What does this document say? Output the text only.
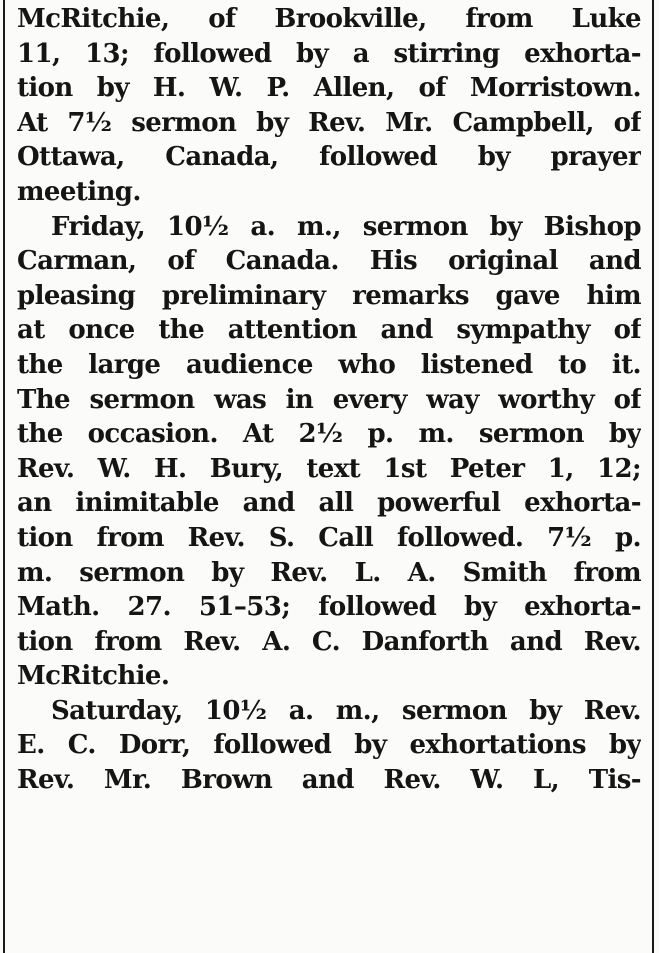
McRitchie, of Brookville, from Luke
11, 13; followed by a stirring exhorta-
tion by H. W. P. Allen, of Morristown.
At 7½ sermon by Rev. Mr. Campbell, of
Ottawa, Canada, followed by prayer
meeting.
Friday, 10½ a. m., sermon by Bishop
Carman, of Canada. His original and
pleasing preliminary remarks gave him
at once the attention and sympathy of
the large audience who listened to it.
The sermon was in every way worthy of
the occasion. At 2½ p. m. sermon by
Rev. W. H. Bury, text 1st Peter 1, 12;
an inimitable and all powerful exhorta-
tion from Rev. S. Call followed. 7½ p.
m. sermon by Rev. L. A. Smith from
Math. 27. 51–53; followed by exhorta-
tion from Rev. A. C. Danforth and Rev.
McRitchie.
Saturday, 10½ a. m., sermon by Rev.
E. C. Dorr, followed by exhortations by
Rev. Mr. Brown and Rev. W. L, Tis-
